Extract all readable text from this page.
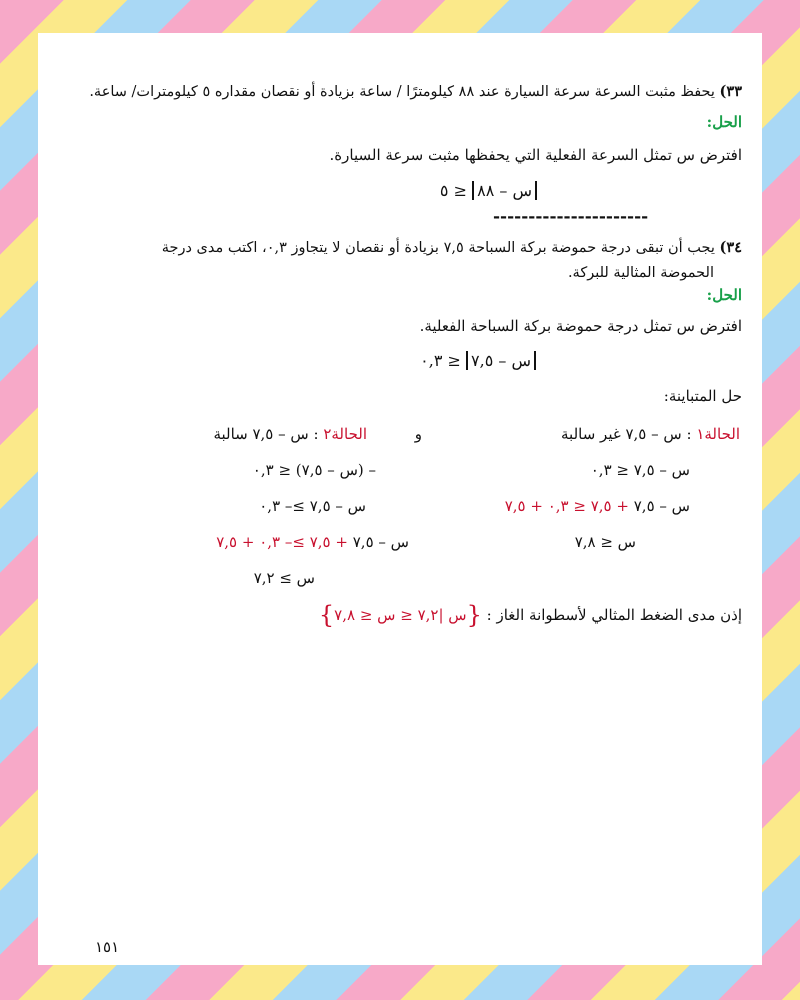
٣٣) يحفظ مثبت السرعة سرعة السيارة عند ٨٨ كيلومترًا / ساعة بزيادة أو نقصان مقداره ٥ كيلومترات/ ساعة.
الحل:
افترض س تمثل السرعة الفعلية التي يحفظها مثبت سرعة السيارة.
س – ٨٨ ≤ ٥
----------------------
٣٤) يجب أن تبقى درجة حموضة بركة السباحة ٧,٥ بزيادة أو نقصان لا يتجاوز ٠,٣، اكتب مدى درجة
الحموضة المثالية للبركة.
الحل:
افترض س تمثل درجة حموضة بركة السباحة الفعلية.
س – ٧,٥ ≤ ٠,٣
حل المتباينة:
الحالة١ : س – ٧,٥ غير سالبة
و
الحالة٢ : س – ٧,٥ سالبة
س – ٧,٥ ≤ ٠,٣
س – ٧,٥ + ٧,٥ ≤ ٠,٣ + ٧,٥
س ≤ ٧,٨
– (س – ٧,٥) ≤ ٠,٣
س – ٧,٥ ≥– ٠,٣
س – ٧,٥ + ٧,٥ ≥– ٠,٣ + ٧,٥
س ≥ ٧,٢
إذن مدى الضغط المثالي لأسطوانة الغاز : {س |٧,٢ ≤ س ≤ ٧,٨}
١٥١
